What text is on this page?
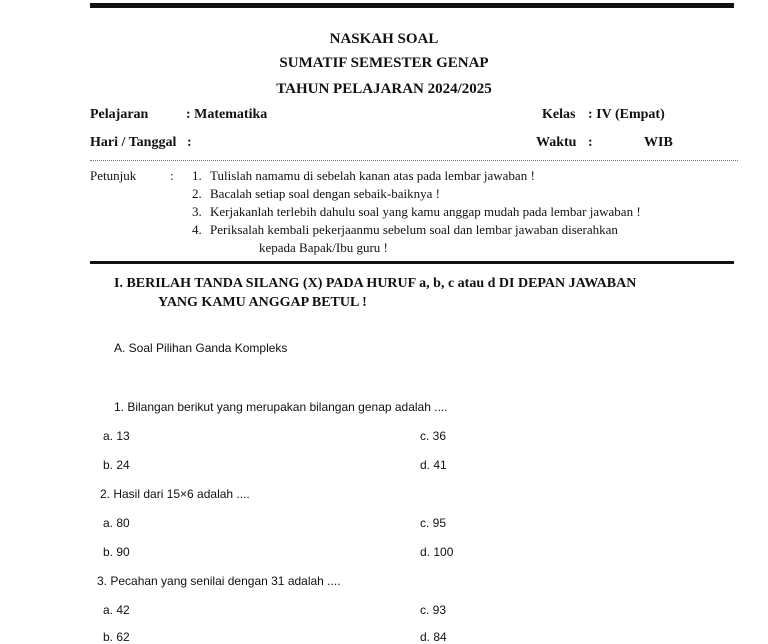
NASKAH SOAL
SUMATIF SEMESTER GENAP
TAHUN PELAJARAN 2024/2025
Pelajaran	: Matematika	Kelas : IV (Empat)
Hari / Tanggal :	Waktu :	WIB
Petunjuk	: 1. Tulislah namamu di sebelah kanan atas pada lembar jawaban !
2. Bacalah setiap soal dengan sebaik-baiknya !
3. Kerjakanlah terlebih dahulu soal yang kamu anggap mudah pada lembar jawaban !
4. Periksalah kembali pekerjaanmu sebelum soal dan lembar jawaban diserahkan
kepada Bapak/Ibu guru !
I. BERILAH TANDA SILANG (X) PADA HURUF a, b, c atau d DI DEPAN JAWABAN
YANG KAMU ANGGAP BETUL !
A. Soal Pilihan Ganda Kompleks
1. Bilangan berikut yang merupakan bilangan genap adalah ....
a. 13	c. 36
b. 24	d. 41
2. Hasil dari 15×6 adalah ....
a. 80	c. 95
b. 90	d. 100
3. Pecahan yang senilai dengan 31 adalah ....
a. 42	c. 93
b. 62	d. 84
